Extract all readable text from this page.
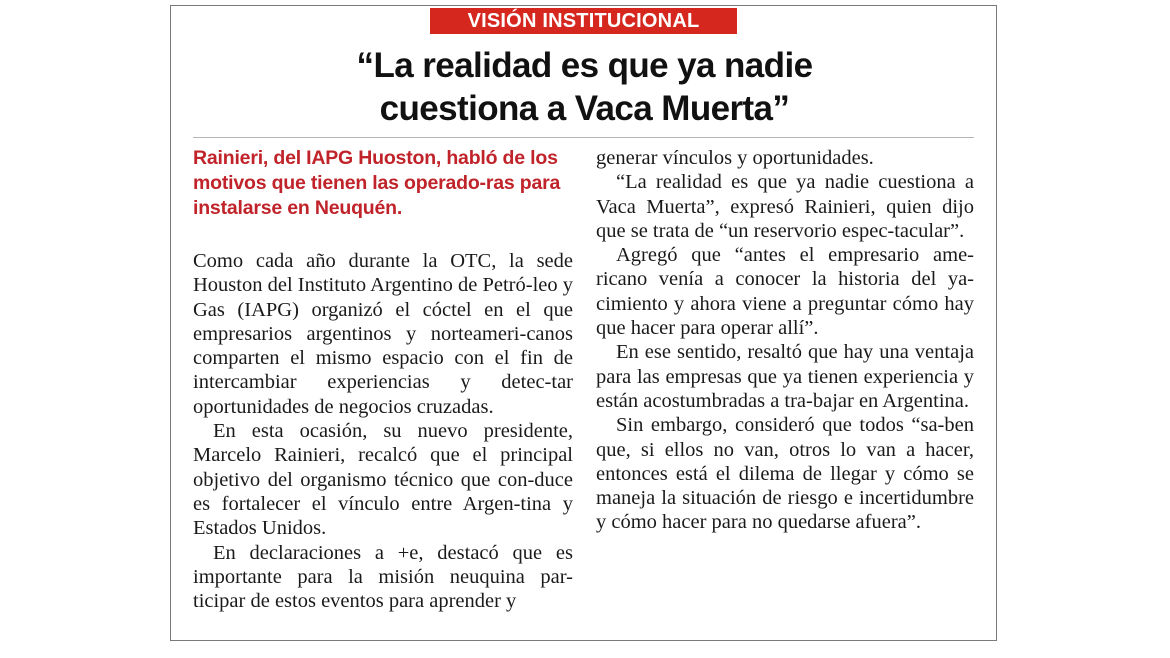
VISIÓN INSTITUCIONAL
“La realidad es que ya nadie
cuestiona a Vaca Muerta”

Rainieri, del IAPG Huoston, habló de los motivos que tienen las operado-ras para instalarse en Neuquén.

Como cada año durante la OTC, la sede Houston del Instituto Argentino de Petró-leo y Gas (IAPG) organizó el cóctel en el que empresarios argentinos y norteameri-canos comparten el mismo espacio con el fin de intercambiar experiencias y detec-tar oportunidades de negocios cruzadas.

En esta ocasión, su nuevo presidente, Marcelo Rainieri, recalcó que el principal objetivo del organismo técnico que con-duce es fortalecer el vínculo entre Argen-tina y Estados Unidos.

En declaraciones a +e, destacó que es importante para la misión neuquina par-ticipar de estos eventos para aprender y

generar vínculos y oportunidades.

“La realidad es que ya nadie cuestiona a Vaca Muerta”, expresó Rainieri, quien dijo que se trata de “un reservorio espec-tacular”.

Agregó que “antes el empresario ame-ricano venía a conocer la historia del ya-cimiento y ahora viene a preguntar cómo hay que hacer para operar allí”.

En ese sentido, resaltó que hay una ventaja para las empresas que ya tienen experiencia y están acostumbradas a tra-bajar en Argentina.

Sin embargo, consideró que todos “sa-ben que, si ellos no van, otros lo van a hacer, entonces está el dilema de llegar y cómo se maneja la situación de riesgo e incertidumbre y cómo hacer para no quedarse afuera”.
